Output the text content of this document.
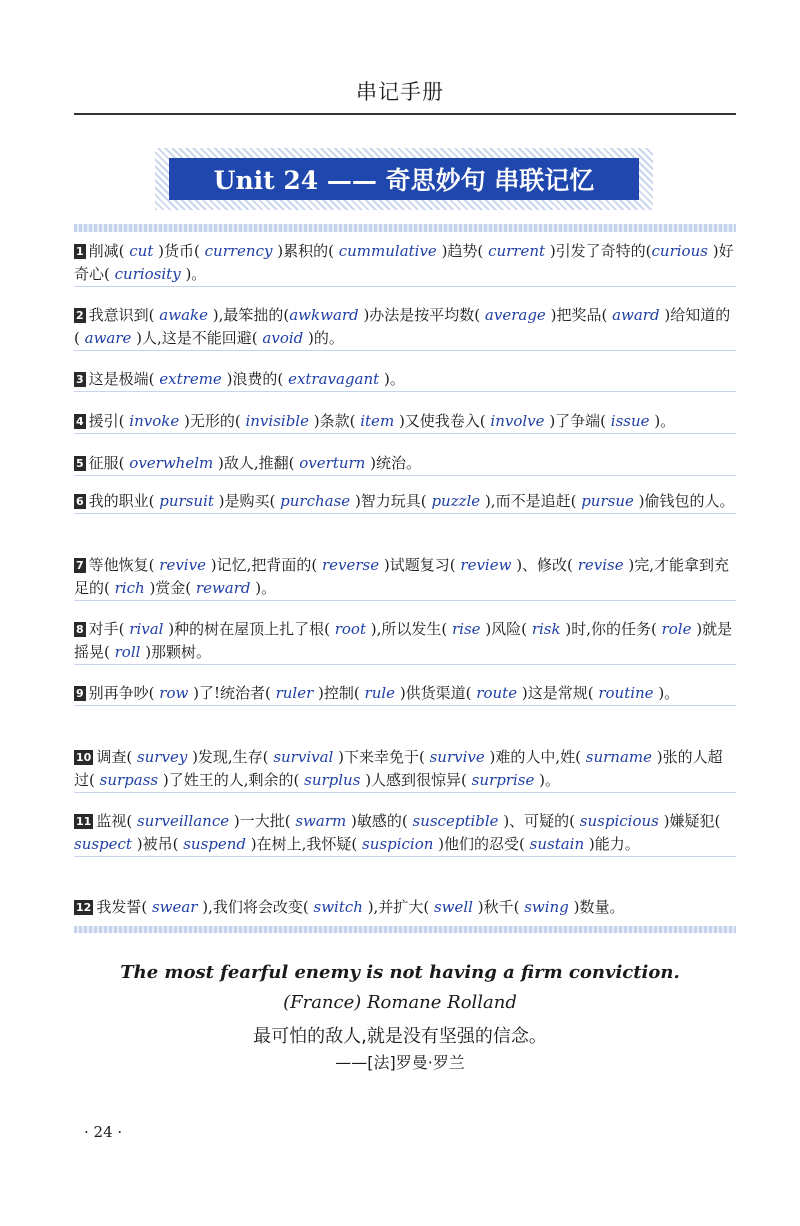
串记手册
Unit 24 —— 奇思妙句 串联记忆
1 削减( cut )货币( currency )累积的( cummulative )趋势( current )引发了奇特的(curious )好奇心( curiosity )。
2 我意识到( awake ),最笨拙的(awkward )办法是按平均数( average )把奖品( award )给知道的( aware )人,这是不能回避( avoid )的。
3 这是极端( extreme )浪费的( extravagant )。
4 援引( invoke )无形的( invisible )条款( item )又使我卷入( involve )了争端( issue )。
5 征服( overwhelm )敌人,推翻( overturn )统治。
6 我的职业( pursuit )是购买( purchase )智力玩具( puzzle ),而不是追赶( pursue )偷钱包的人。
7 等他恢复( revive )记忆,把背面的( reverse )试题复习( review )、修改( revise )完,才能拿到充足的( rich )赏金( reward )。
8 对手( rival )种的树在屋顶上扎了根( root ),所以发生( rise )风险( risk )时,你的任务( role )就是摇晃( roll )那颗树。
9 别再争吵( row )了!统治者( ruler )控制( rule )供货渠道( route )这是常规( routine )。
10 调查( survey )发现,生存( survival )下来幸免于( survive )难的人中,姓( surname )张的人超过( surpass )了姓王的人,剩余的( surplus )人感到很惊异( surprise )。
11 监视( surveillance )一大批( swarm )敏感的( susceptible )、可疑的( suspicious )嫌疑犯( suspect )被吊( suspend )在树上,我怀疑( suspicion )他们的忍受( sustain )能力。
12 我发誓( swear ),我们将会改变( switch ),并扩大( swell )秋千( swing )数量。
The most fearful enemy is not having a firm conviction.
(France) Romane Rolland
最可怕的敌人,就是没有坚强的信念。
——[法]罗曼·罗兰
· 24 ·
